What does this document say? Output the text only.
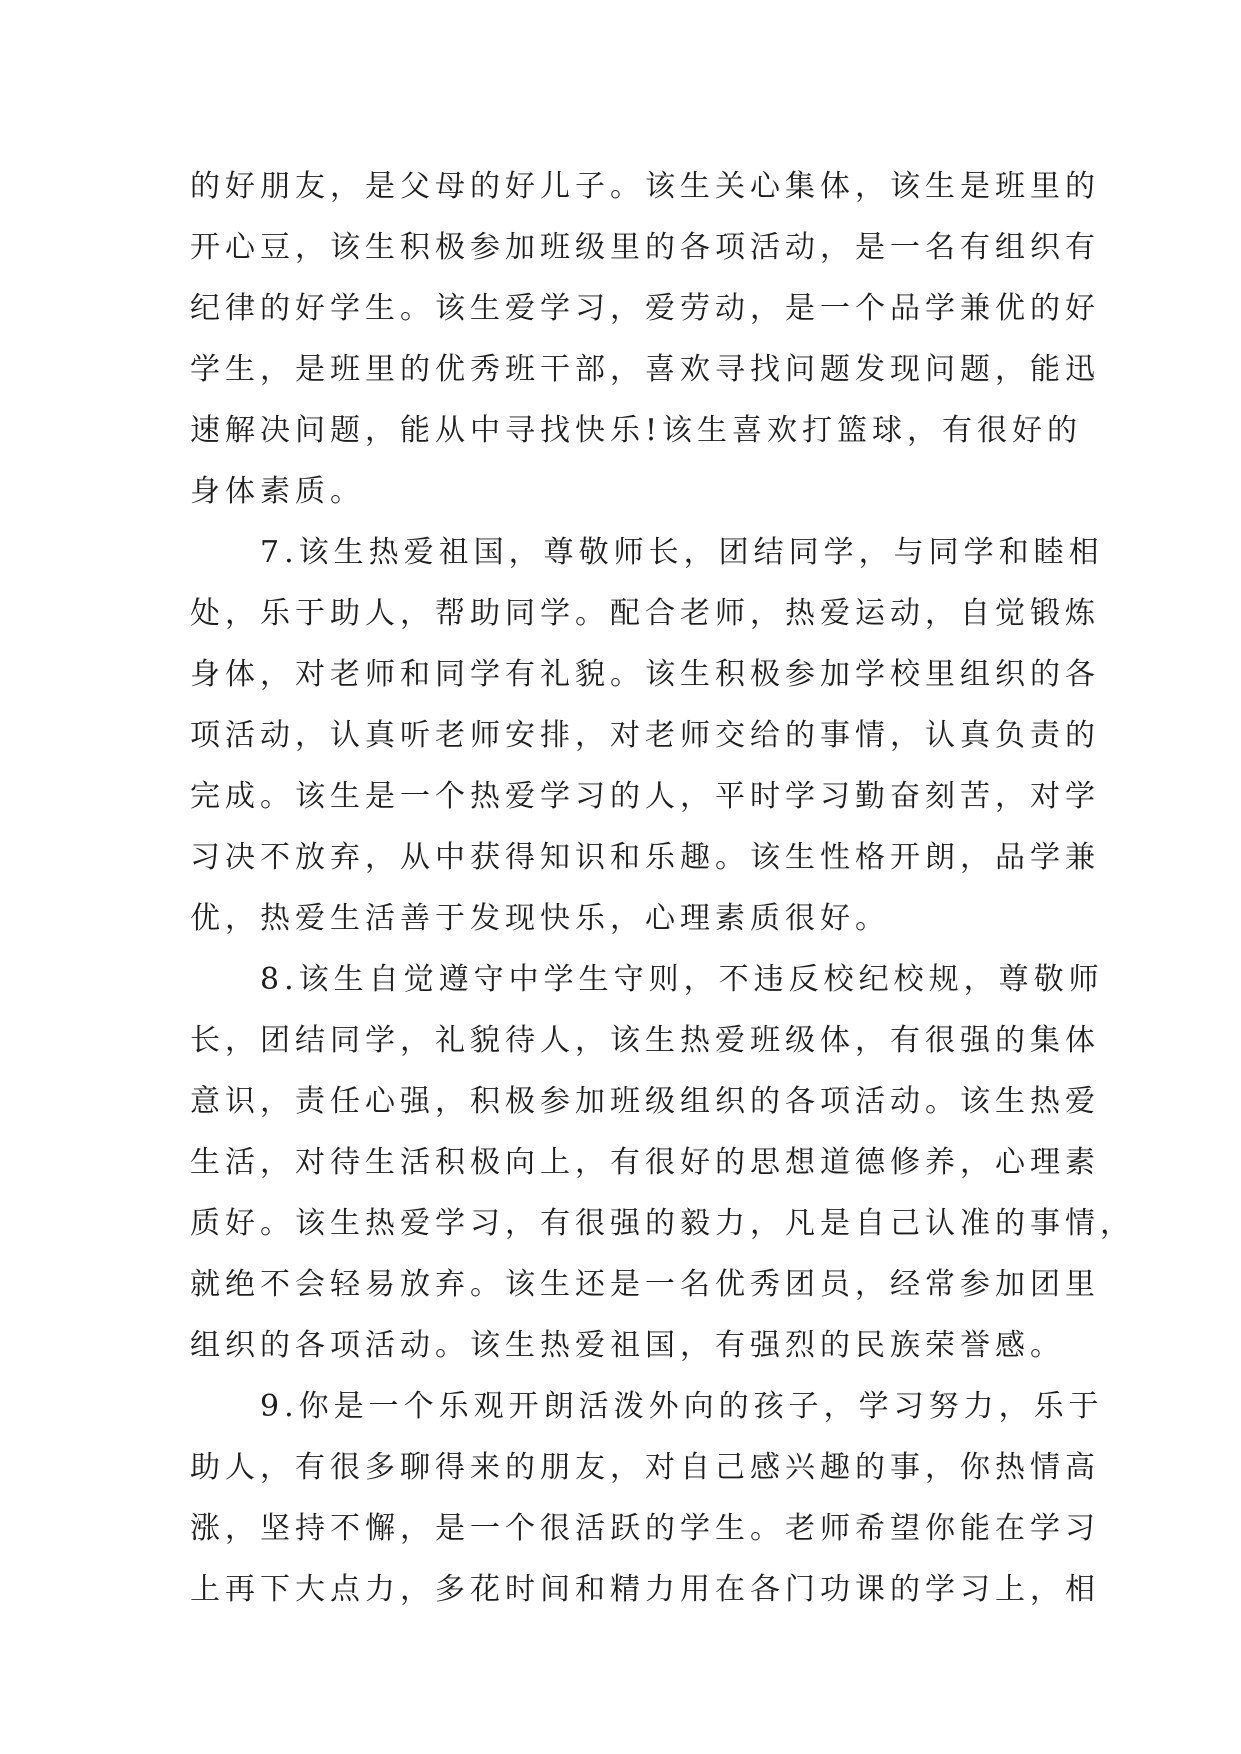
的好朋友，是父母的好儿子。该生关心集体，该生是班里的
开心豆，该生积极参加班级里的各项活动，是一名有组织有
纪律的好学生。该生爱学习，爱劳动，是一个品学兼优的好
学生，是班里的优秀班干部，喜欢寻找问题发现问题，能迅
速解决问题，能从中寻找快乐!该生喜欢打篮球，有很好的
身体素质。
　　7.该生热爱祖国，尊敬师长，团结同学，与同学和睦相
处，乐于助人，帮助同学。配合老师，热爱运动，自觉锻炼
身体，对老师和同学有礼貌。该生积极参加学校里组织的各
项活动，认真听老师安排，对老师交给的事情，认真负责的
完成。该生是一个热爱学习的人，平时学习勤奋刻苦，对学
习决不放弃，从中获得知识和乐趣。该生性格开朗，品学兼
优，热爱生活善于发现快乐，心理素质很好。
　　8.该生自觉遵守中学生守则，不违反校纪校规，尊敬师
长，团结同学，礼貌待人，该生热爱班级体，有很强的集体
意识，责任心强，积极参加班级组织的各项活动。该生热爱
生活，对待生活积极向上，有很好的思想道德修养，心理素
质好。该生热爱学习，有很强的毅力，凡是自己认准的事情，
就绝不会轻易放弃。该生还是一名优秀团员，经常参加团里
组织的各项活动。该生热爱祖国，有强烈的民族荣誉感。
　　9.你是一个乐观开朗活泼外向的孩子，学习努力，乐于
助人，有很多聊得来的朋友，对自己感兴趣的事，你热情高
涨，坚持不懈，是一个很活跃的学生。老师希望你能在学习
上再下大点力，多花时间和精力用在各门功课的学习上，相
